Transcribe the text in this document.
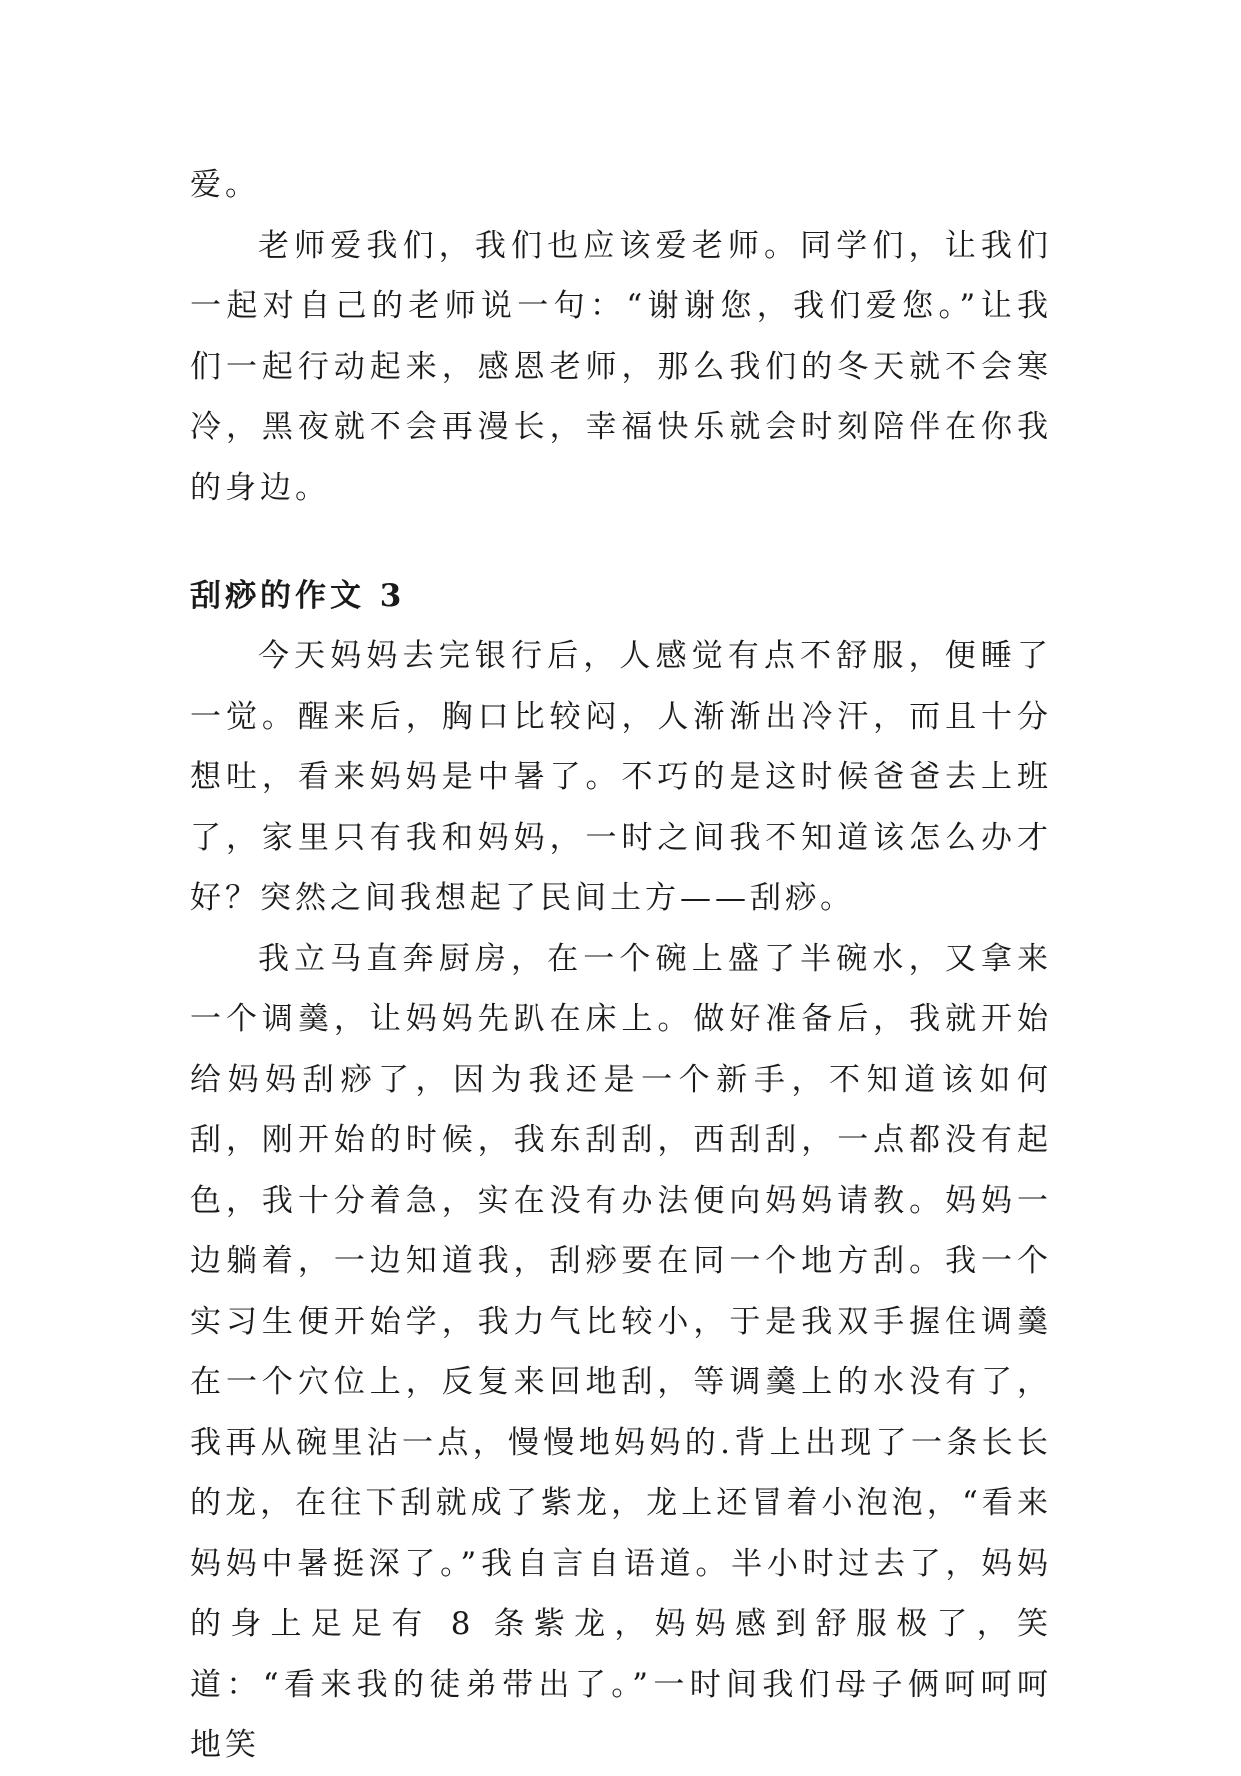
爱。

老师爱我们，我们也应该爱老师。同学们，让我们一起对自己的老师说一句：“谢谢您，我们爱您。”让我们一起行动起来，感恩老师，那么我们的冬天就不会寒冷，黑夜就不会再漫长，幸福快乐就会时刻陪伴在你我的身边。

刮痧的作文 3

今天妈妈去完银行后，人感觉有点不舒服，便睡了一觉。醒来后，胸口比较闷，人渐渐出冷汗，而且十分想吐，看来妈妈是中暑了。不巧的是这时候爸爸去上班了，家里只有我和妈妈，一时之间我不知道该怎么办才好？突然之间我想起了民间土方——刮痧。

我立马直奔厨房，在一个碗上盛了半碗水，又拿来一个调羹，让妈妈先趴在床上。做好准备后，我就开始给妈妈刮痧了，因为我还是一个新手，不知道该如何刮，刚开始的时候，我东刮刮，西刮刮，一点都没有起色，我十分着急，实在没有办法便向妈妈请教。妈妈一边躺着，一边知道我，刮痧要在同一个地方刮。我一个实习生便开始学，我力气比较小，于是我双手握住调羹在一个穴位上，反复来回地刮，等调羹上的水没有了，我再从碗里沾一点，慢慢地妈妈的.背上出现了一条长长的龙，在往下刮就成了紫龙，龙上还冒着小泡泡，“看来妈妈中暑挺深了。”我自言自语道。半小时过去了，妈妈的身上足足有 8 条紫龙，妈妈感到舒服极了，笑道：“看来我的徒弟带出了。”一时间我们母子俩呵呵呵地笑
